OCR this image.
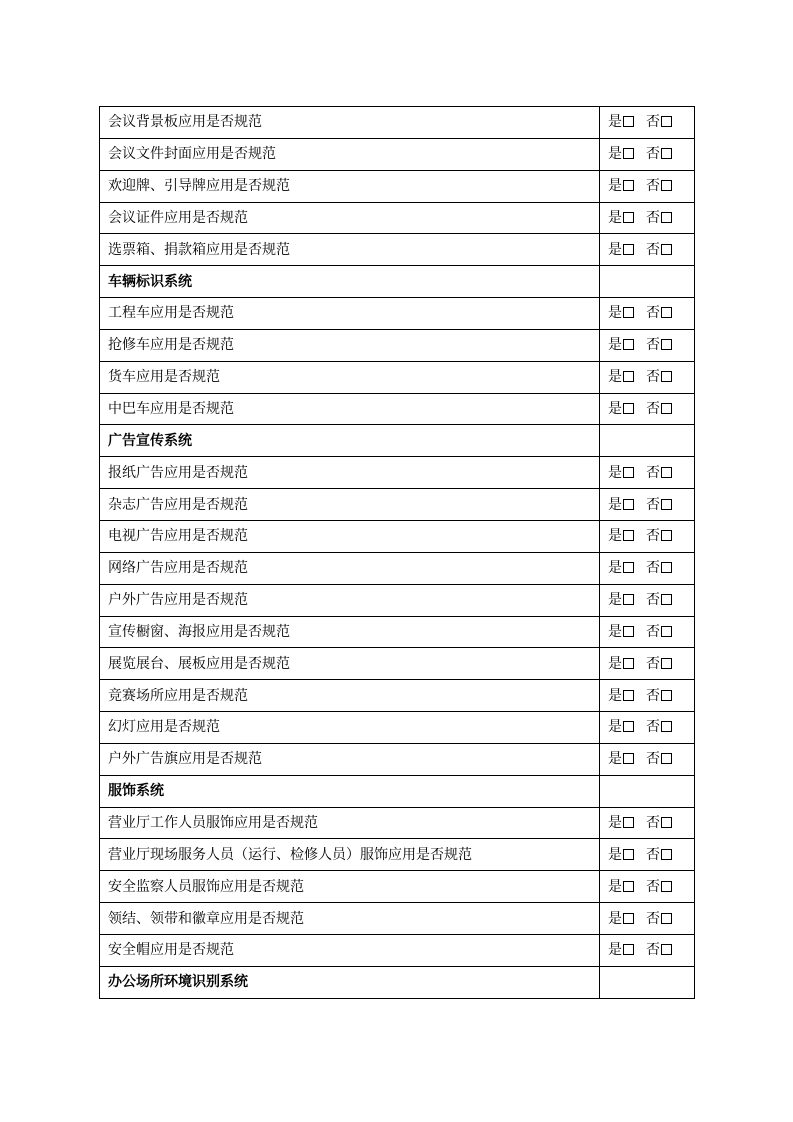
会议背景板应用是否规范	是 否
会议文件封面应用是否规范	是 否
欢迎牌、引导牌应用是否规范	是 否
会议证件应用是否规范	是 否
选票箱、捐款箱应用是否规范	是 否
车辆标识系统	
工程车应用是否规范	是 否
抢修车应用是否规范	是 否
货车应用是否规范	是 否
中巴车应用是否规范	是 否
广告宣传系统	
报纸广告应用是否规范	是 否
杂志广告应用是否规范	是 否
电视广告应用是否规范	是 否
网络广告应用是否规范	是 否
户外广告应用是否规范	是 否
宣传橱窗、海报应用是否规范	是 否
展览展台、展板应用是否规范	是 否
竞赛场所应用是否规范	是 否
幻灯应用是否规范	是 否
户外广告旗应用是否规范	是 否
服饰系统	
营业厅工作人员服饰应用是否规范	是 否
营业厅现场服务人员（运行、检修人员）服饰应用是否规范	是 否
安全监察人员服饰应用是否规范	是 否
领结、领带和徽章应用是否规范	是 否
安全帽应用是否规范	是 否
办公场所环境识别系统	
